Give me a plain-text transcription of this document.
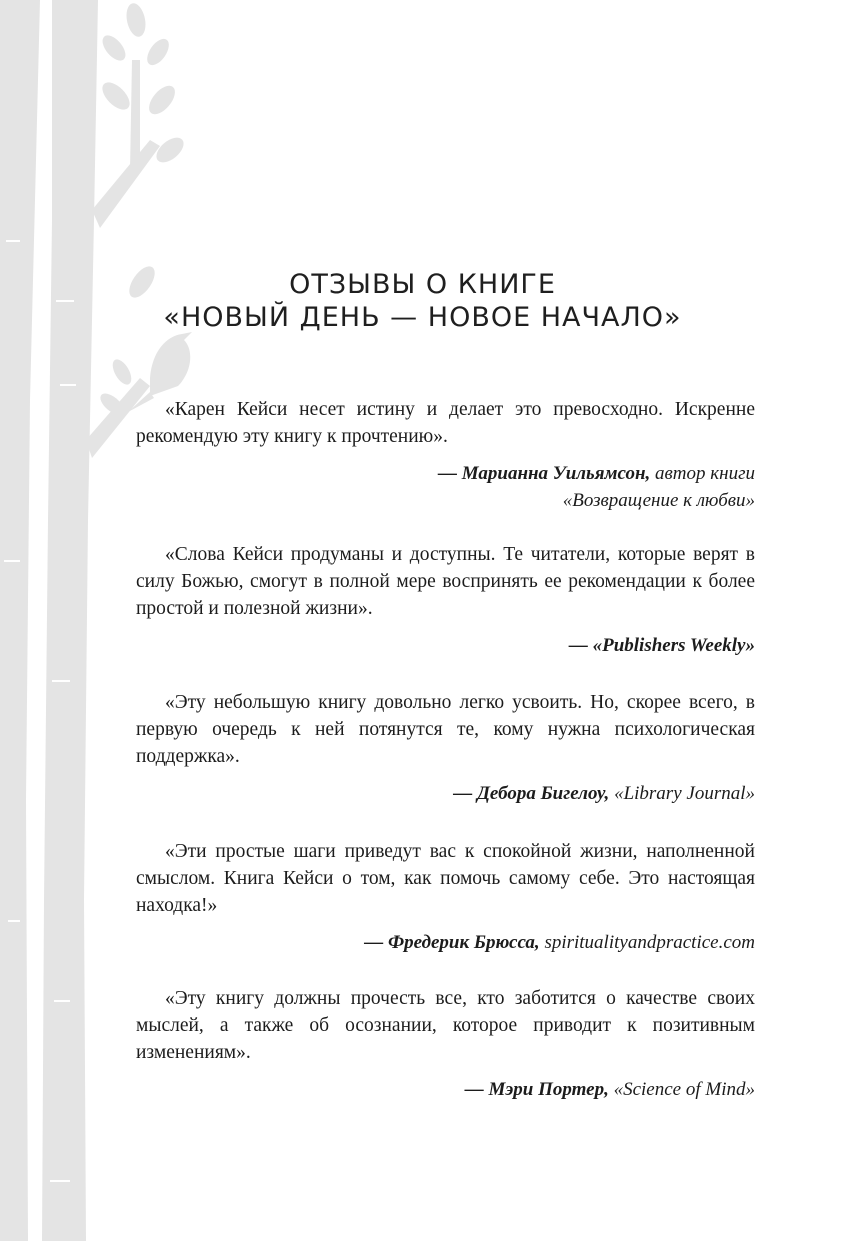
ОТЗЫВЫ О КНИГЕ
«НОВЫЙ ДЕНЬ — НОВОЕ НАЧАЛО»

«Карен Кейси несет истину и делает это превосходно. Искренне рекомендую эту книгу к прочтению».

— Марианна Уильямсон, автор книги
«Возвращение к любви»

«Слова Кейси продуманы и доступны. Те читатели, которые верят в силу Божью, смогут в полной мере воспринять ее рекомендации к более простой и полезной жизни».

— «Publishers Weekly»

«Эту небольшую книгу довольно легко усвоить. Но, скорее всего, в первую очередь к ней потянутся те, кому нужна психологическая поддержка».

— Дебора Бигелоу, «Library Journal»

«Эти простые шаги приведут вас к спокойной жизни, наполненной смыслом. Книга Кейси о том, как помочь самому себе. Это настоящая находка!»

— Фредерик Брюсса, spiritualityandpractice.com

«Эту книгу должны прочесть все, кто заботится о качестве своих мыслей, а также об осознании, которое приводит к позитивным изменениям».

— Мэри Портер, «Science of Mind»
